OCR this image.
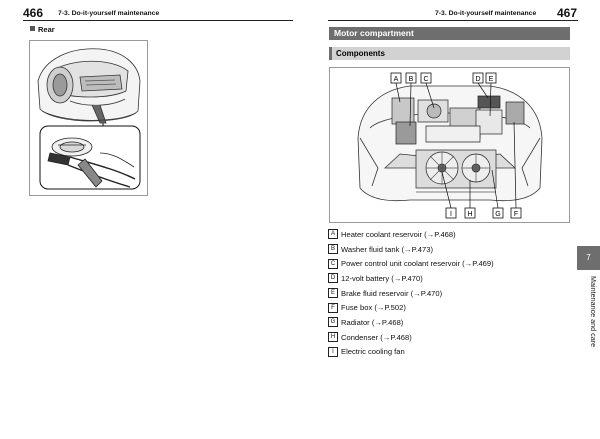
466 7-3. Do-it-yourself maintenance
Rear
7-3. Do-it-yourself maintenance 467
Motor compartment
Components
A B C	D E
I H	G F
A Heater coolant reservoir (→P.468)
B Washer fluid tank (→P.473)
C Power control unit coolant reservoir (→P.469)
D 12-volt battery (→P.470)
E Brake fluid reservoir (→P.470)
F Fuse box (→P.502)
G Radiator (→P.468)
H Condenser (→P.468)
I Electric cooling fan
7
Maintenance and care
